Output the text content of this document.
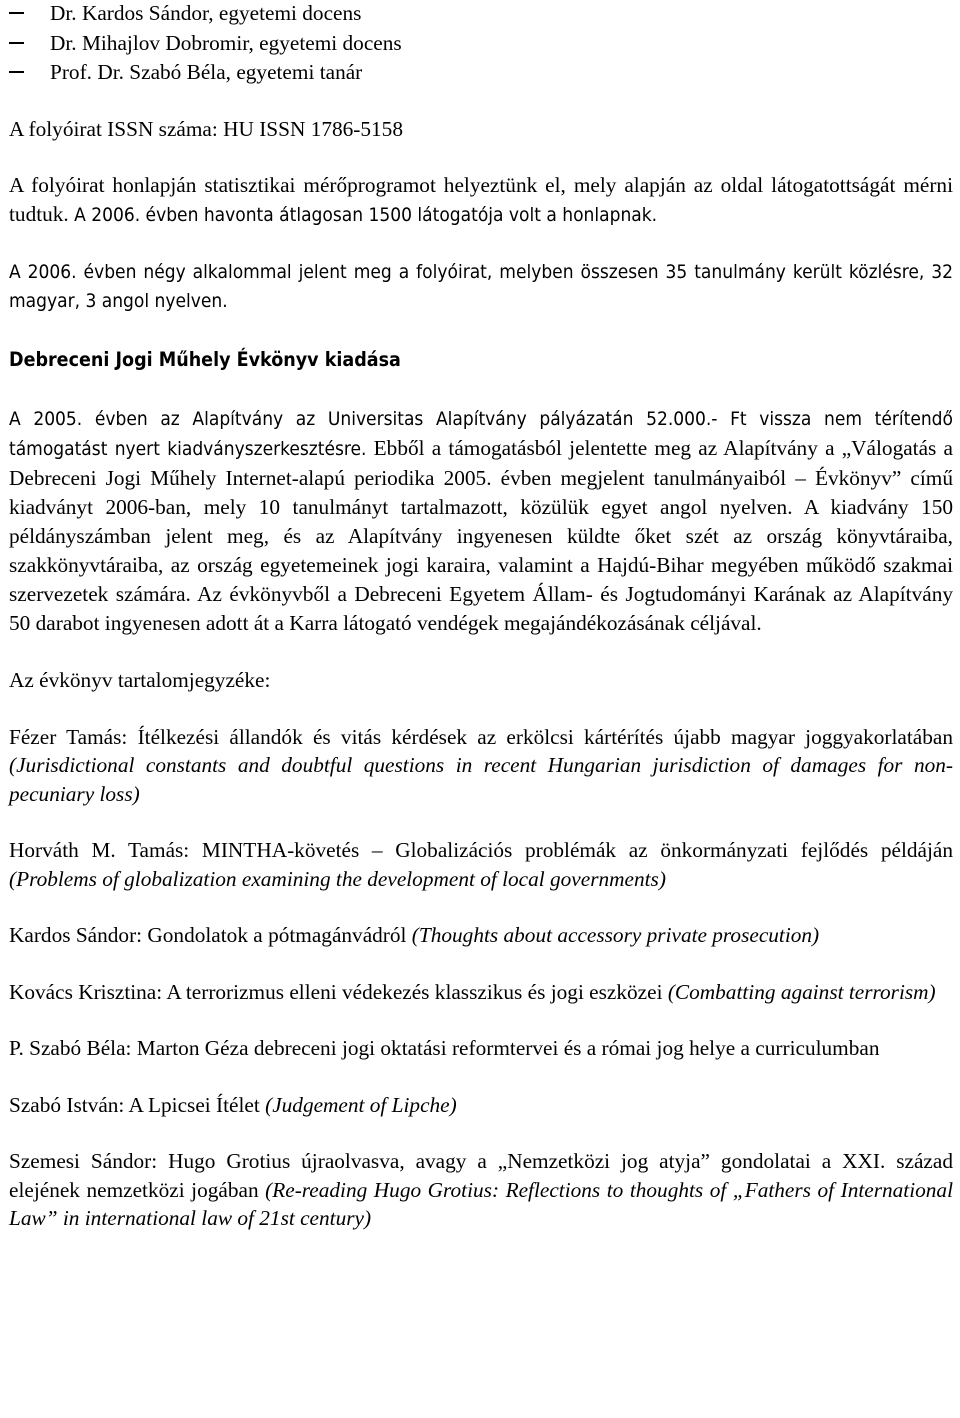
Dr. Kardos Sándor, egyetemi docens
Dr. Mihajlov Dobromir, egyetemi docens
Prof. Dr. Szabó Béla, egyetemi tanár

A folyóirat ISSN száma: HU ISSN 1786-5158

A folyóirat honlapján statisztikai mérőprogramot helyeztünk el, mely alapján az oldal látogatottságát mérni tudtuk. A 2006. évben havonta átlagosan 1500 látogatója volt a honlapnak.

A 2006. évben négy alkalommal jelent meg a folyóirat, melyben összesen 35 tanulmány került közlésre, 32 magyar, 3 angol nyelven.

Debreceni Jogi Műhely Évkönyv kiadása

A 2005. évben az Alapítvány az Universitas Alapítvány pályázatán 52.000.- Ft vissza nem térítendő támogatást nyert kiadványszerkesztésre. Ebből a támogatásból jelentette meg az Alapítvány a „Válogatás a Debreceni Jogi Műhely Internet-alapú periodika 2005. évben megjelent tanulmányaiból – Évkönyv” című kiadványt 2006-ban, mely 10 tanulmányt tartalmazott, közülük egyet angol nyelven. A kiadvány 150 példányszámban jelent meg, és az Alapítvány ingyenesen küldte őket szét az ország könyvtáraiba, szakkönyvtáraiba, az ország egyetemeinek jogi karaira, valamint a Hajdú-Bihar megyében működő szakmai szervezetek számára. Az évkönyvből a Debreceni Egyetem Állam- és Jogtudományi Karának az Alapítvány 50 darabot ingyenesen adott át a Karra látogató vendégek megajándékozásának céljával.

Az évkönyv tartalomjegyzéke:

Fézer Tamás: Ítélkezési állandók és vitás kérdések az erkölcsi kártérítés újabb magyar joggyakorlatában (Jurisdictional constants and doubtful questions in recent Hungarian jurisdiction of damages for non-pecuniary loss)

Horváth M. Tamás: MINTHA-követés – Globalizációs problémák az önkormányzati fejlődés példáján (Problems of globalization examining the development of local governments)

Kardos Sándor: Gondolatok a pótmagánvádról (Thoughts about accessory private prosecution)

Kovács Krisztina: A terrorizmus elleni védekezés klasszikus és jogi eszközei (Combatting against terrorism)

P. Szabó Béla: Marton Géza debreceni jogi oktatási reformtervei és a római jog helye a curriculumban

Szabó István: A Lpicsei Ítélet (Judgement of Lipche)

Szemesi Sándor: Hugo Grotius újraolvasva, avagy a „Nemzetközi jog atyja” gondolatai a XXI. század elejének nemzetközi jogában (Re-reading Hugo Grotius: Reflections to thoughts of „Fathers of International Law” in international law of 21st century)
